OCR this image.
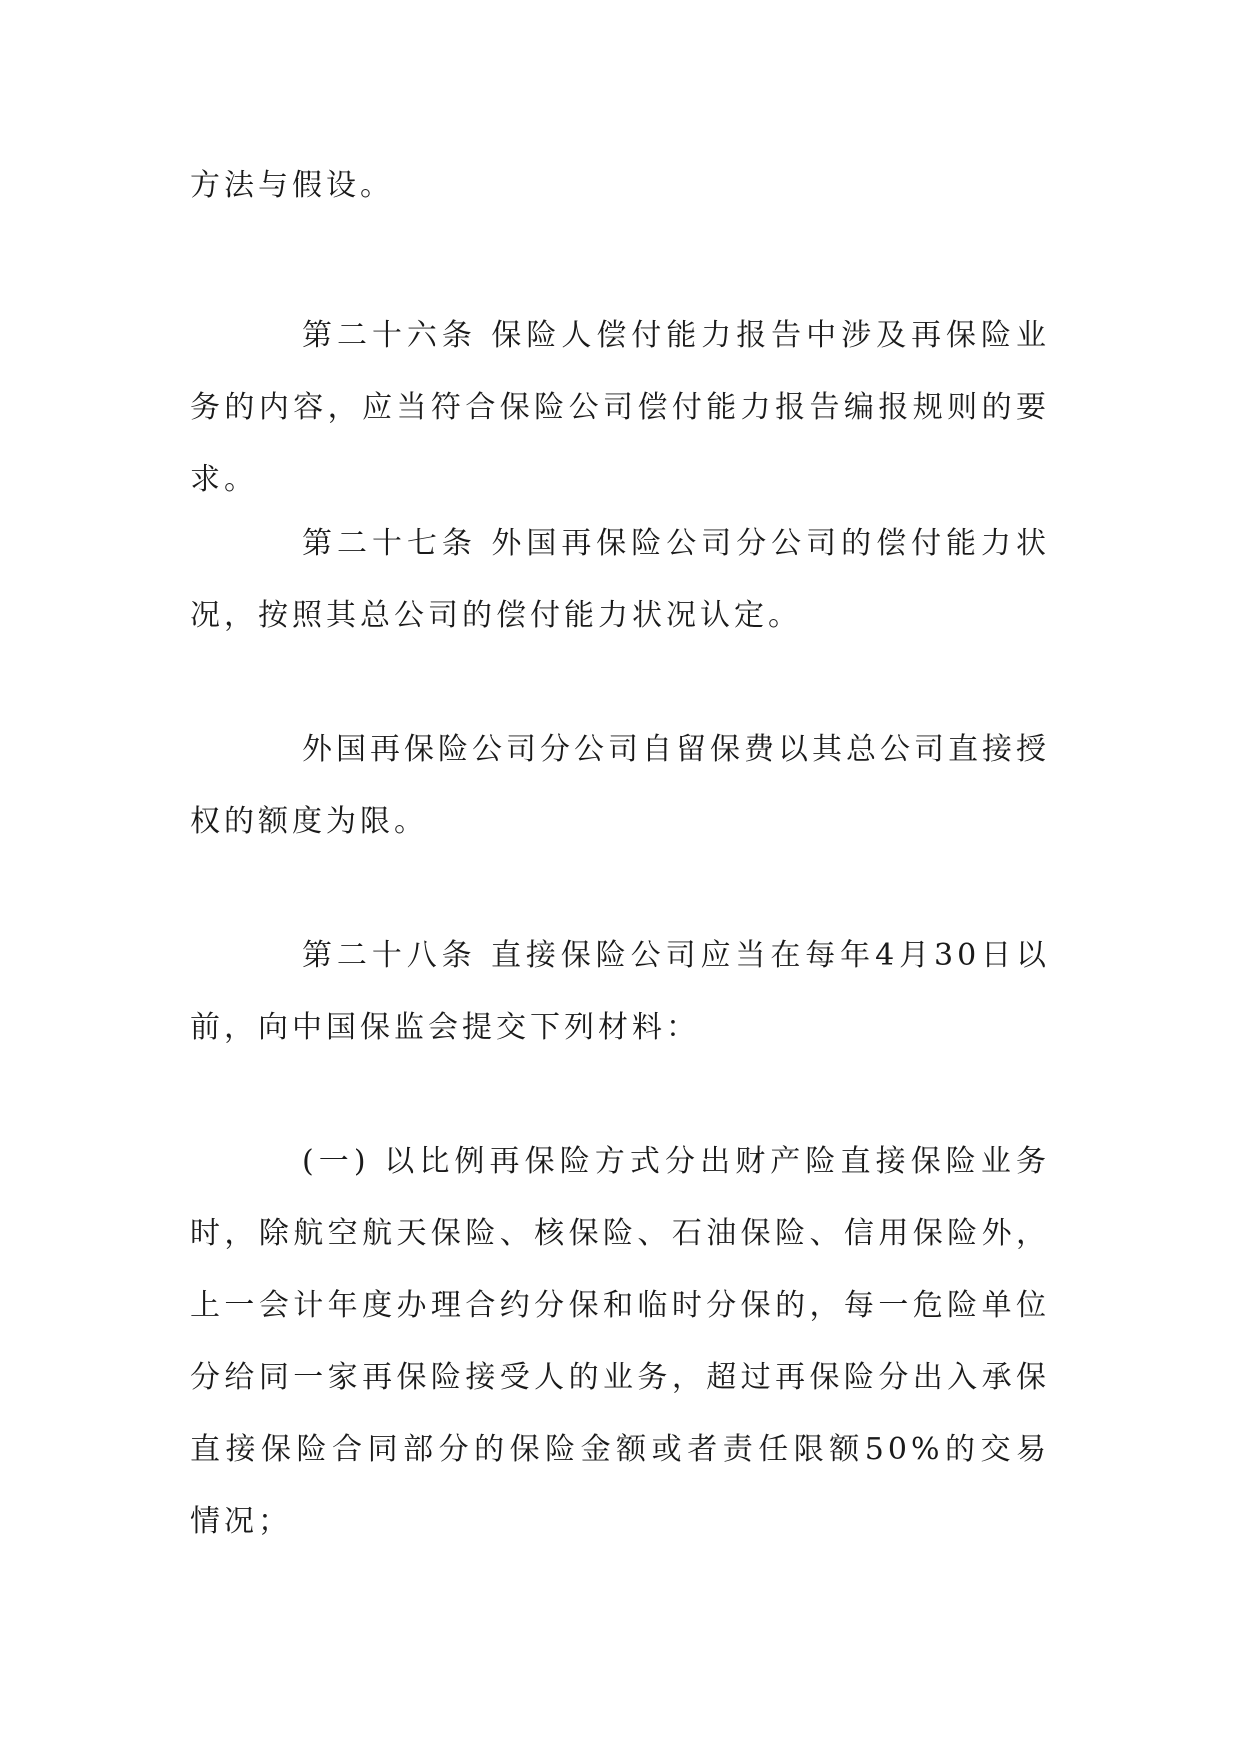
方法与假设。

第二十六条 保险人偿付能力报告中涉及再保险业务的内容，应当符合保险公司偿付能力报告编报规则的要求。

第二十七条 外国再保险公司分公司的偿付能力状况，按照其总公司的偿付能力状况认定。

外国再保险公司分公司自留保费以其总公司直接授权的额度为限。

第二十八条 直接保险公司应当在每年4月30日以前，向中国保监会提交下列材料：

(一) 以比例再保险方式分出财产险直接保险业务时，除航空航天保险、核保险、石油保险、信用保险外，上一会计年度办理合约分保和临时分保的，每一危险单位分给同一家再保险接受人的业务，超过再保险分出入承保直接保险合同部分的保险金额或者责任限额50%的交易情况；
